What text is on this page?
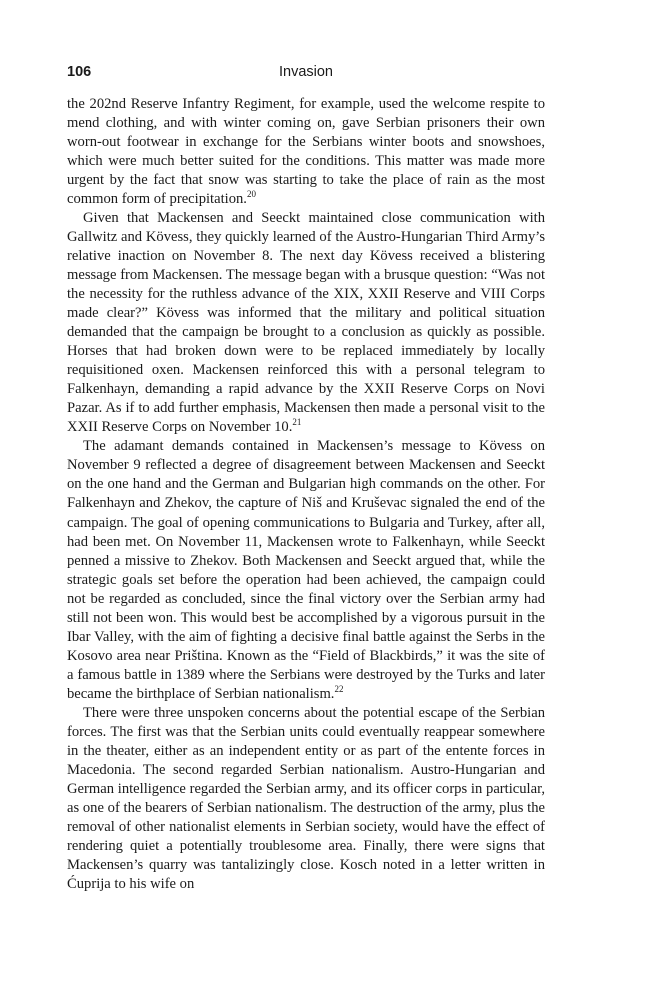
106	Invasion

the 202nd Reserve Infantry Regiment, for example, used the welcome respite to mend clothing, and with winter coming on, gave Serbian prisoners their own worn-out footwear in exchange for the Serbians winter boots and snowshoes, which were much better suited for the conditions. This matter was made more urgent by the fact that snow was starting to take the place of rain as the most common form of precipitation.$^{20}$

Given that Mackensen and Seeckt maintained close communication with Gallwitz and Kövess, they quickly learned of the Austro-Hungarian Third Army’s relative inaction on November 8. The next day Kövess received a blistering message from Mackensen. The message began with a brusque question: “Was not the necessity for the ruthless advance of the XIX, XXII Reserve and VIII Corps made clear?” Kövess was informed that the military and political situation demanded that the campaign be brought to a conclusion as quickly as possible. Horses that had broken down were to be replaced immediately by locally requisitioned oxen. Mackensen reinforced this with a personal telegram to Falkenhayn, demanding a rapid advance by the XXII Reserve Corps on Novi Pazar. As if to add further emphasis, Mackensen then made a personal visit to the XXII Reserve Corps on November 10.21

The adamant demands contained in Mackensen’s message to Kövess on November 9 reflected a degree of disagreement between Mackensen and Seeckt on the one hand and the German and Bulgarian high commands on the other. For Falkenhayn and Zhekov, the capture of Niš and Kruševac signaled the end of the campaign. The goal of opening communications to Bulgaria and Turkey, after all, had been met. On November 11, Mackensen wrote to Falkenhayn, while Seeckt penned a missive to Zhekov. Both Mackensen and Seeckt argued that, while the strategic goals set before the operation had been achieved, the campaign could not be regarded as concluded, since the final victory over the Serbian army had still not been won. This would best be accomplished by a vigorous pursuit in the Ibar Valley, with the aim of fighting a decisive final battle against the Serbs in the Kosovo area near Priština. Known as the “Field of Blackbirds,” it was the site of a famous battle in 1389 where the Serbians were destroyed by the Turks and later became the birthplace of Serbian nationalism.$^{22}$

There were three unspoken concerns about the potential escape of the Serbian forces. The first was that the Serbian units could eventually reappear somewhere in the theater, either as an independent entity or as part of the entente forces in Macedonia. The second regarded Serbian nationalism. Austro-Hungarian and German intelligence regarded the Serbian army, and its officer corps in particular, as one of the bearers of Serbian nationalism. The destruction of the army, plus the removal of other nationalist elements in Serbian society, would have the effect of rendering quiet a potentially troublesome area. Finally, there were signs that Mackensen’s quarry was tantalizingly close. Kosch noted in a letter written in Ćuprija to his wife on
